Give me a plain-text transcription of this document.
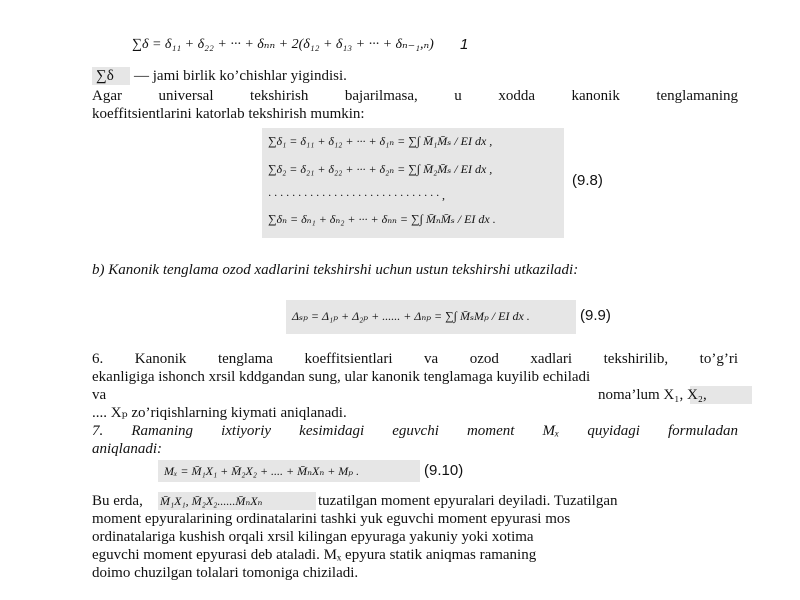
∑δ = δ₁₁ + δ₂₂ + ··· + δₙₙ + 2(δ₁₂ + δ₁₃ + ··· + δₙ₋₁,ₙ) 1
∑δ — jami birlik ko’chishlar yigindisi.
Agar universal tekshirish bajarilmasa, u xodda kanonik tenglamaning
koeffitsientlarini katorlab tekshirish mumkin:
∑δ₁ = δ₁₁ + δ₁₂ + ··· + δ₁ₙ = ∑∫ M̄₁M̄ₛ / EI dx ,
∑δ₂ = δ₂₁ + δ₂₂ + ··· + δ₂ₙ = ∑∫ M̄₂M̄ₛ / EI dx ,
· · · · · · · · · · · · · · · · · · · · · · · · · · · · · ,
∑δₙ = δₙ₁ + δₙ₂ + ··· + δₙₙ = ∑∫ M̄ₙM̄ₛ / EI dx .
(9.8)
b) Kanonik tenglama ozod xadlarini tekshirshi uchun ustun tekshirshi utkaziladi:
Δₛₚ = Δ₁ₚ + Δ₂ₚ + ...... + Δₙₚ = ∑∫ M̄ₛMₚ / EI dx .	(9.9)
6. Kanonik tenglama koeffitsientlari va ozod xadlari tekshirilib, to’g’ri
ekanligiga ishonch xrsil kddgandan sung, ular kanonik tenglamaga kuyilib echiladi
va	noma’lum X₁, X₂,
.... Xₚ zo’riqishlarning kiymati aniqlanadi.
7. Ramaning ixtiyoriy kesimidagi eguvchi moment Mₓ quyidagi formuladan
aniqlanadi:
Mₓ = M̄₁X₁ + M̄₂X₂ + .... + M̄ₙXₙ + Mₚ .	(9.10)
Bu erda, M̄₁X₁, M̄₂X₂......M̄ₙXₙ	tuzatilgan moment epyuralari deyiladi. Tuzatilgan
moment epyuralarining ordinatalarini tashki yuk eguvchi moment epyurasi mos
ordinatalariga kushish orqali xrsil kilingan epyuraga yakuniy yoki xotima
eguvchi moment epyurasi deb ataladi. Mₓ epyura statik aniqmas ramaning
doimo chuzilgan tolalari tomoniga chiziladi.
